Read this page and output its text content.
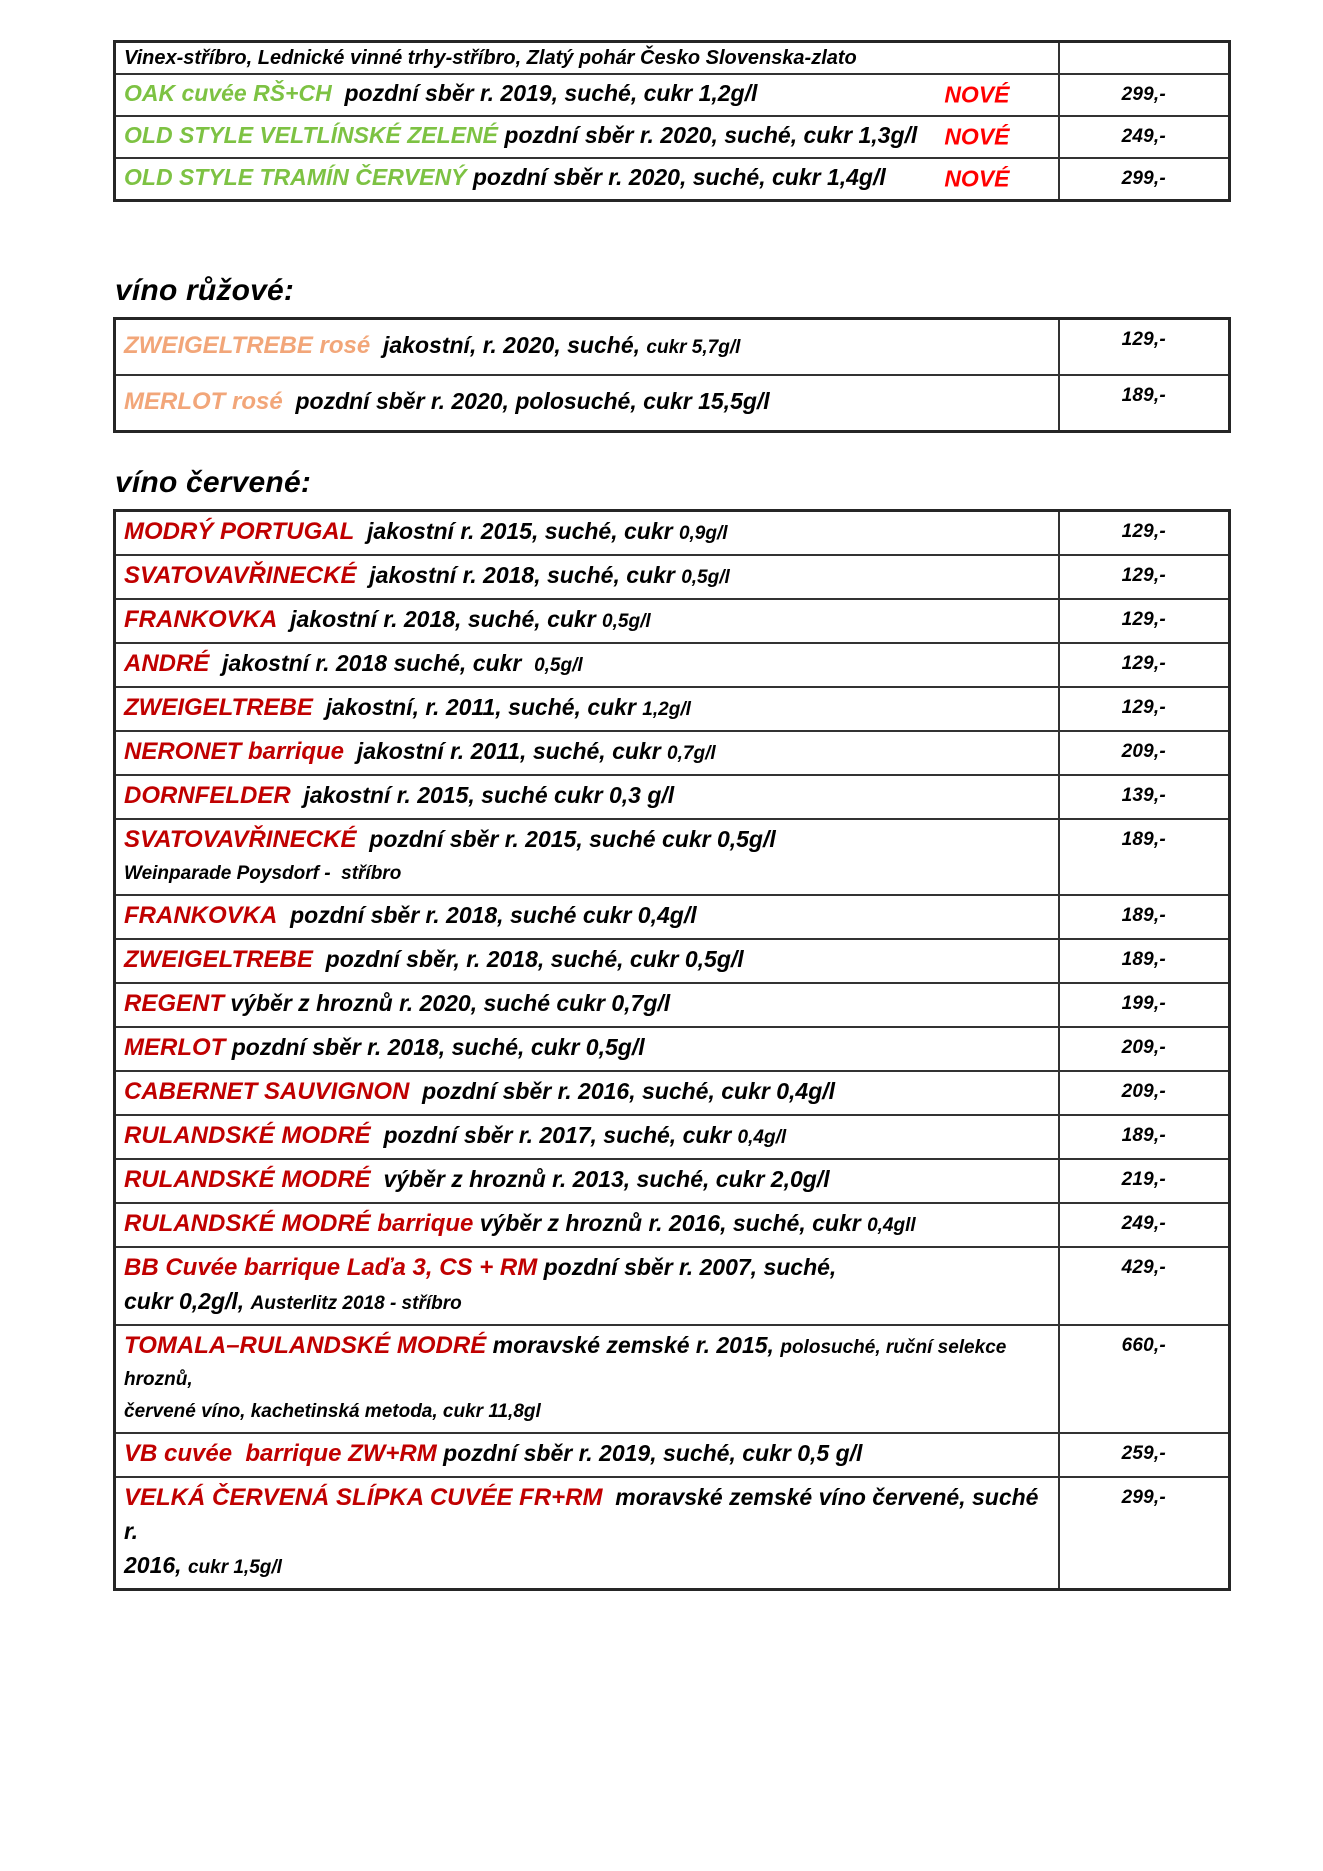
Vinex-stříbro, Lednické vinné trhy-stříbro, Zlatý pohár Česko Slovenska-zlato	

OAK cuvée RŠ+CH  pozdní sběr r. 2019, suché, cukr 1,2g/l NOVÉ	299,-

OLD STYLE VELTLÍNSKÉ ZELENÉ pozdní sběr r. 2020, suché, cukr 1,3g/l NOVÉ	249,-

OLD STYLE TRAMÍN ČERVENÝ pozdní sběr r. 2020, suché, cukr 1,4g/l NOVÉ	299,-
víno růžové:
ZWEIGELTREBE rosé  jakostní, r. 2020, suché, cukr 5,7g/l	129,-

MERLOT rosé  pozdní sběr r. 2020, polosuché, cukr 15,5g/l	189,-
víno červené:
MODRÝ PORTUGAL  jakostní r. 2015, suché, cukr 0,9g/l	129,-

SVATOVAVŘINECKÉ  jakostní r. 2018, suché, cukr 0,5g/l	129,-

FRANKOVKA  jakostní r. 2018, suché, cukr 0,5g/l	129,-

ANDRÉ  jakostní r. 2018 suché, cukr  0,5g/l	129,-

ZWEIGELTREBE  jakostní, r. 2011, suché, cukr 1,2g/l	129,-

NERONET barrique  jakostní r. 2011, suché, cukr 0,7g/l	209,-

DORNFELDER  jakostní r. 2015, suché cukr 0,3 g/l	139,-

SVATOVAVŘINECKÉ  pozdní sběr r. 2015, suché cukr 0,5g/l
Weinparade Poysdorf -  stříbro	189,-

FRANKOVKA  pozdní sběr r. 2018, suché cukr 0,4g/l	189,-

ZWEIGELTREBE  pozdní sběr, r. 2018, suché, cukr 0,5g/l	189,-

REGENT výběr z hroznů r. 2020, suché cukr 0,7g/l	199,-

MERLOT pozdní sběr r. 2018, suché, cukr 0,5g/l	209,-

CABERNET SAUVIGNON  pozdní sběr r. 2016, suché, cukr 0,4g/l	209,-

RULANDSKÉ MODRÉ  pozdní sběr r. 2017, suché, cukr 0,4g/l	189,-

RULANDSKÉ MODRÉ  výběr z hroznů r. 2013, suché, cukr 2,0g/l	219,-

RULANDSKÉ MODRÉ barrique výběr z hroznů r. 2016, suché, cukr 0,4gll	249,-

BB Cuvée barrique Laďa 3, CS + RM pozdní sběr r. 2007, suché,
cukr 0,2g/l, Austerlitz 2018 - stříbro	429,-

TOMALA–RULANDSKÉ MODRÉ moravské zemské r. 2015, polosuché, ruční selekce hroznů,
červené víno, kachetinská metoda, cukr 11,8gl	660,-

VB cuvée  barrique ZW+RM pozdní sběr r. 2019, suché, cukr 0,5 g/l	259,-

VELKÁ ČERVENÁ SLÍPKA CUVÉE FR+RM  moravské zemské víno červené, suché r.
2016, cukr 1,5g/l	299,-
